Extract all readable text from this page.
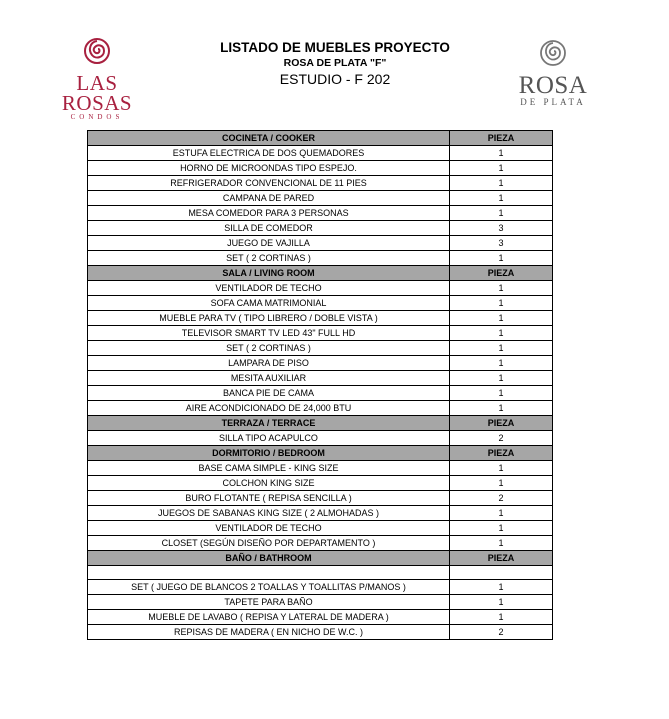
LAS ROSAS
CONDOS
LISTADO DE MUEBLES PROYECTO
ROSA DE PLATA "F"
ESTUDIO - F 202	ROSA
DE PLATA
COCINETA / COOKER	PIEZA
ESTUFA ELECTRICA DE DOS QUEMADORES	1
HORNO DE MICROONDAS TIPO ESPEJO.	1
REFRIGERADOR CONVENCIONAL DE 11 PIES	1
CAMPANA DE PARED	1
MESA COMEDOR PARA 3 PERSONAS	1
SILLA DE COMEDOR	3
JUEGO DE VAJILLA	3
SET ( 2 CORTINAS )	1
SALA / LIVING ROOM	PIEZA
VENTILADOR DE TECHO	1
SOFA CAMA MATRIMONIAL	1
MUEBLE PARA TV ( TIPO LIBRERO / DOBLE VISTA )	1
TELEVISOR SMART TV LED 43" FULL HD	1
SET ( 2 CORTINAS )	1
LAMPARA DE PISO	1
MESITA AUXILIAR	1
BANCA PIE DE CAMA	1
AIRE ACONDICIONADO DE 24,000 BTU	1
TERRAZA / TERRACE	PIEZA
SILLA TIPO ACAPULCO	2
DORMITORIO / BEDROOM	PIEZA
BASE CAMA SIMPLE - KING SIZE	1
COLCHON KING SIZE	1
BURO FLOTANTE ( REPISA SENCILLA )	2
JUEGOS DE SABANAS KING SIZE ( 2 ALMOHADAS )	1
VENTILADOR DE TECHO	1
CLOSET (SEGÚN DISEÑO POR DEPARTAMENTO )	1
BAÑO / BATHROOM	PIEZA

SET ( JUEGO DE BLANCOS 2 TOALLAS Y TOALLITAS P/MANOS )	1
TAPETE PARA BAÑO	1
MUEBLE DE LAVABO ( REPISA Y LATERAL DE MADERA )	1
REPISAS DE MADERA ( EN NICHO DE W.C. )	2
